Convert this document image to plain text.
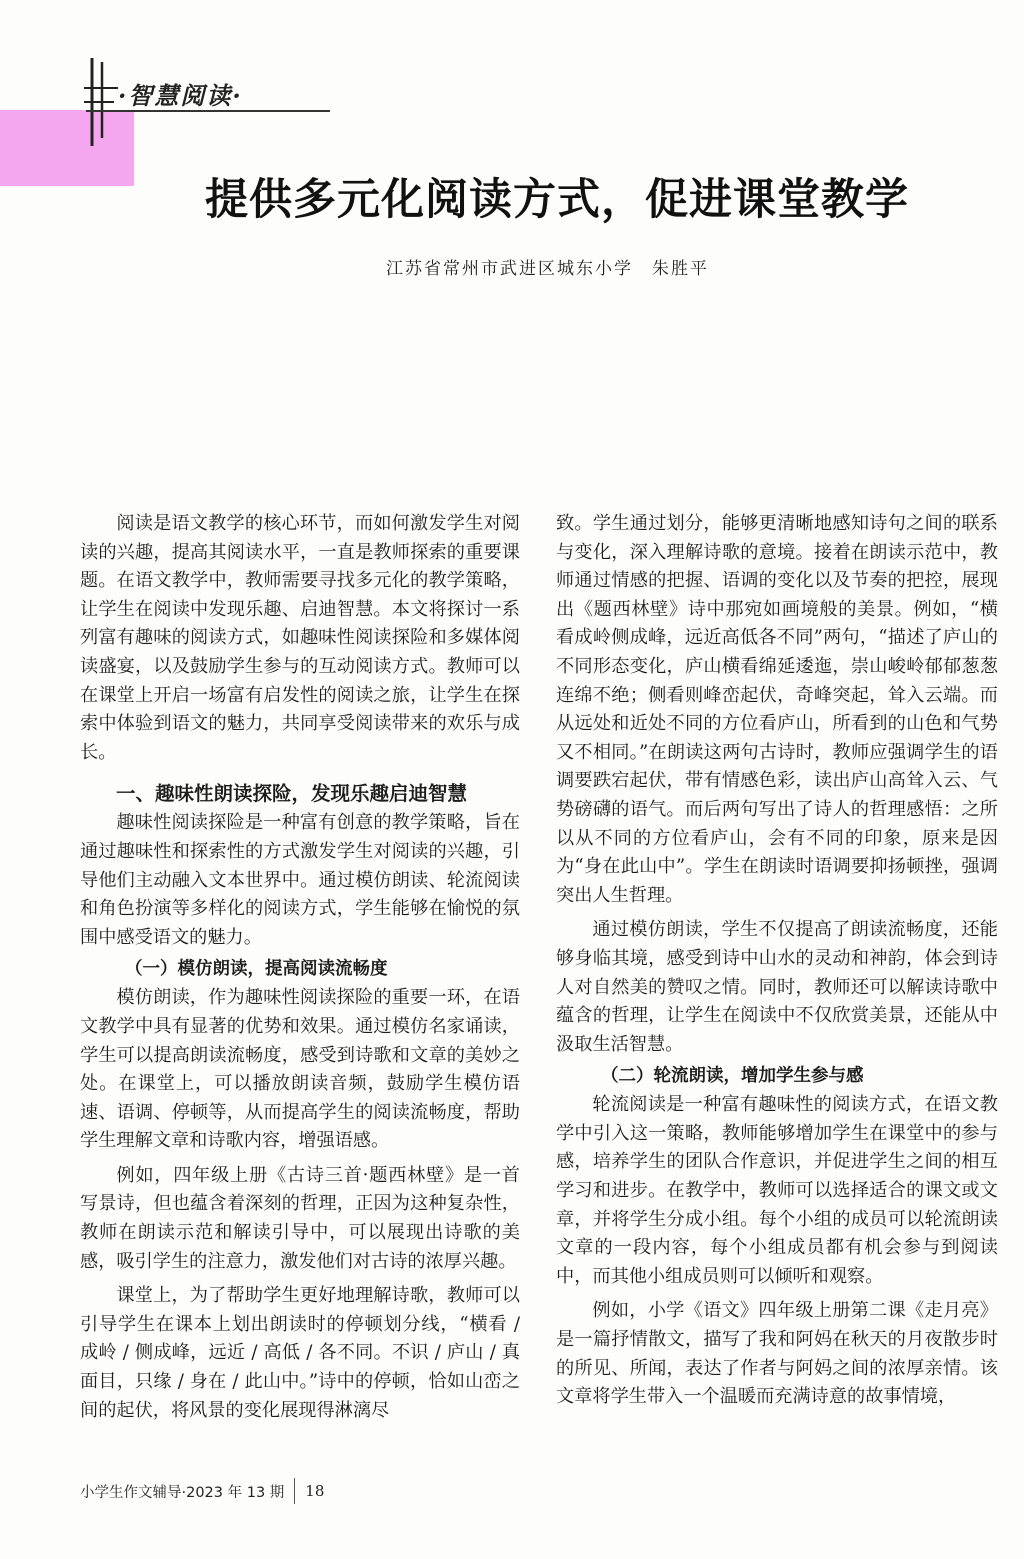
·智慧阅读·
提供多元化阅读方式，促进课堂教学
江苏省常州市武进区城东小学　朱胜平

阅读是语文教学的核心环节，而如何激发学生对阅读的兴趣，提高其阅读水平，一直是教师探索的重要课题。在语文教学中，教师需要寻找多元化的教学策略，让学生在阅读中发现乐趣、启迪智慧。本文将探讨一系列富有趣味的阅读方式，如趣味性阅读探险和多媒体阅读盛宴，以及鼓励学生参与的互动阅读方式。教师可以在课堂上开启一场富有启发性的阅读之旅，让学生在探索中体验到语文的魅力，共同享受阅读带来的欢乐与成长。

一、趣味性朗读探险，发现乐趣启迪智慧

趣味性阅读探险是一种富有创意的教学策略，旨在通过趣味性和探索性的方式激发学生对阅读的兴趣，引导他们主动融入文本世界中。通过模仿朗读、轮流阅读和角色扮演等多样化的阅读方式，学生能够在愉悦的氛围中感受语文的魅力。

（一）模仿朗读，提高阅读流畅度

模仿朗读，作为趣味性阅读探险的重要一环，在语文教学中具有显著的优势和效果。通过模仿名家诵读，学生可以提高朗读流畅度，感受到诗歌和文章的美妙之处。在课堂上，可以播放朗读音频，鼓励学生模仿语速、语调、停顿等，从而提高学生的阅读流畅度，帮助学生理解文章和诗歌内容，增强语感。

例如，四年级上册《古诗三首·题西林壁》是一首写景诗，但也蕴含着深刻的哲理，正因为这种复杂性，教师在朗读示范和解读引导中，可以展现出诗歌的美感，吸引学生的注意力，激发他们对古诗的浓厚兴趣。

课堂上，为了帮助学生更好地理解诗歌，教师可以引导学生在课本上划出朗读时的停顿划分线，“横看 / 成岭 / 侧成峰，远近 / 高低 / 各不同。不识 / 庐山 / 真面目，只缘 / 身在 / 此山中。”诗中的停顿，恰如山峦之间的起伏，将风景的变化展现得淋漓尽

致。学生通过划分，能够更清晰地感知诗句之间的联系与变化，深入理解诗歌的意境。接着在朗读示范中，教师通过情感的把握、语调的变化以及节奏的把控，展现出《题西林壁》诗中那宛如画境般的美景。例如，“横看成岭侧成峰，远近高低各不同”两句，“描述了庐山的不同形态变化，庐山横看绵延逶迤，崇山峻岭郁郁葱葱连绵不绝；侧看则峰峦起伏，奇峰突起，耸入云端。而从远处和近处不同的方位看庐山，所看到的山色和气势又不相同。”在朗读这两句古诗时，教师应强调学生的语调要跌宕起伏，带有情感色彩，读出庐山高耸入云、气势磅礴的语气。而后两句写出了诗人的哲理感悟：之所以从不同的方位看庐山，会有不同的印象，原来是因为“身在此山中”。学生在朗读时语调要抑扬顿挫，强调突出人生哲理。

通过模仿朗读，学生不仅提高了朗读流畅度，还能够身临其境，感受到诗中山水的灵动和神韵，体会到诗人对自然美的赞叹之情。同时，教师还可以解读诗歌中蕴含的哲理，让学生在阅读中不仅欣赏美景，还能从中汲取生活智慧。

（二）轮流朗读，增加学生参与感

轮流阅读是一种富有趣味性的阅读方式，在语文教学中引入这一策略，教师能够增加学生在课堂中的参与感，培养学生的团队合作意识，并促进学生之间的相互学习和进步。在教学中，教师可以选择适合的课文或文章，并将学生分成小组。每个小组的成员可以轮流朗读文章的一段内容，每个小组成员都有机会参与到阅读中，而其他小组成员则可以倾听和观察。

例如，小学《语文》四年级上册第二课《走月亮》是一篇抒情散文，描写了我和阿妈在秋天的月夜散步时的所见、所闻，表达了作者与阿妈之间的浓厚亲情。该文章将学生带入一个温暖而充满诗意的故事情境，

小学生作文辅导·2023 年 13 期 18
